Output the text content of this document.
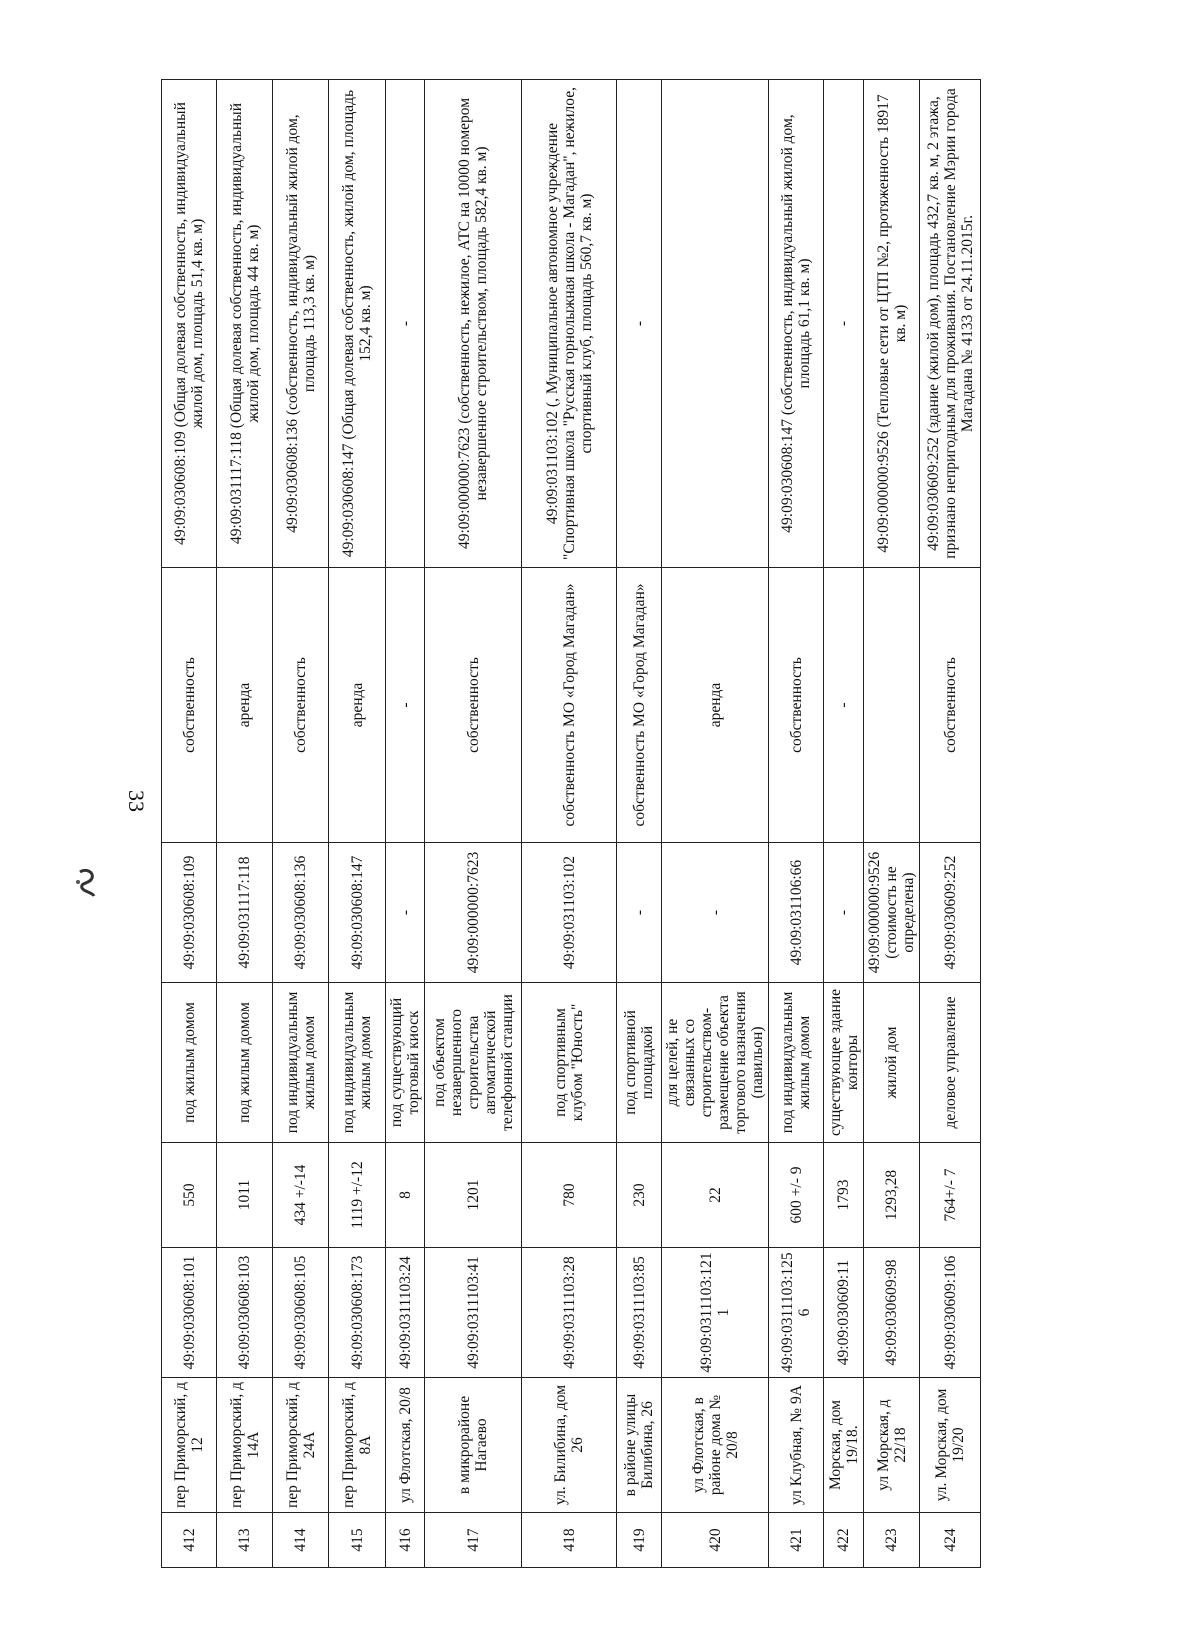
33
412	пер Приморский, д 12	49:09:030608:101	550	под жилым домом	49:09:030608:109	собственность	49:09:030608:109 (Общая долевая собственность, индивидуальный жилой дом, площадь 51,4 кв. м)
413	пер Приморский, д 14А	49:09:030608:103	1011	под жилым домом	49:09:031117:118	аренда	49:09:031117:118 (Общая долевая собственность, индивидуальный жилой дом, площадь 44 кв. м)
414	пер Приморский, д 24А	49:09:030608:105	434 +/-14	под индивидуальным жилым домом	49:09:030608:136	собственность	49:09:030608:136 (собственность, индивидуальный жилой дом, площадь 113,3 кв. м)
415	пер Приморский, д 8А	49:09:030608:173	1119 +/-12	под индивидуальным жилым домом	49:09:030608:147	аренда	49:09:030608:147 (Общая долевая собственность, жилой дом, площадь 152,4 кв. м)
416	ул Флотская, 20/8	49:09:0311103:24	8	под существующий торговый киоск	-	-	-
417	в микрорайоне Нагаево	49:09:0311103:41	1201	под объектом незавершенного строительства автоматической телефонной станции	49:09:000000:7623	собственность	49:09:000000:7623 (собственность, нежилое, АТС на 10000 номером незавершенное строительством, площадь 582,4 кв. м)
418	ул. Билибина, дом 26	49:09:0311103:28	780	под спортивным клубом "Юность"	49:09:031103:102	собственность МО «Город Магадан»	49:09:031103:102 (, Муниципальное автономное учреждение "Спортивная школа "Русская горнолыжная школа - Магадан", нежилое, спортивный клуб, площадь 560,7 кв. м)
419	в районе улицы Билибина, 26	49:09:0311103:85	230	под спортивной площадкой	-	собственность МО «Город Магадан»	-
420	ул Флотская, в районе дома № 20/8	49:09:0311103:1211	22	для целей, не связанных со строительством-размещение объекта торгового назначения (павильон)	-	аренда	
421	ул Клубная, № 9А	49:09:0311103:1256	600 +/- 9	под индивидуальным жилым домом	49:09:031106:66	собственность	49:09:030608:147 (собственность, индивидуальный жилой дом, площадь 61,1 кв. м)
422	Морская, дом 19/18.	49:09:030609:11	1793	существующее здание конторы	-	-	-
423	ул Морская, д 22/18	49:09:030609:98	1293,28	жилой дом	49:09:000000:9526 (стоимость не определена)		49:09:000000:9526 (Тепловые сети от ЦТП №2, протяженность 18917 кв. м)
424	ул. Морская, дом 19/20	49:09:030609:106	764+/- 7	деловое управление	49:09:030609:252	собственность	49:09:030609:252 (здание (жилой дом), площадь 432,7 кв. м, 2 этажа, признано непригодным для проживания. Постановление Мэрии города Магадана № 4133 от 24.11.2015г.
